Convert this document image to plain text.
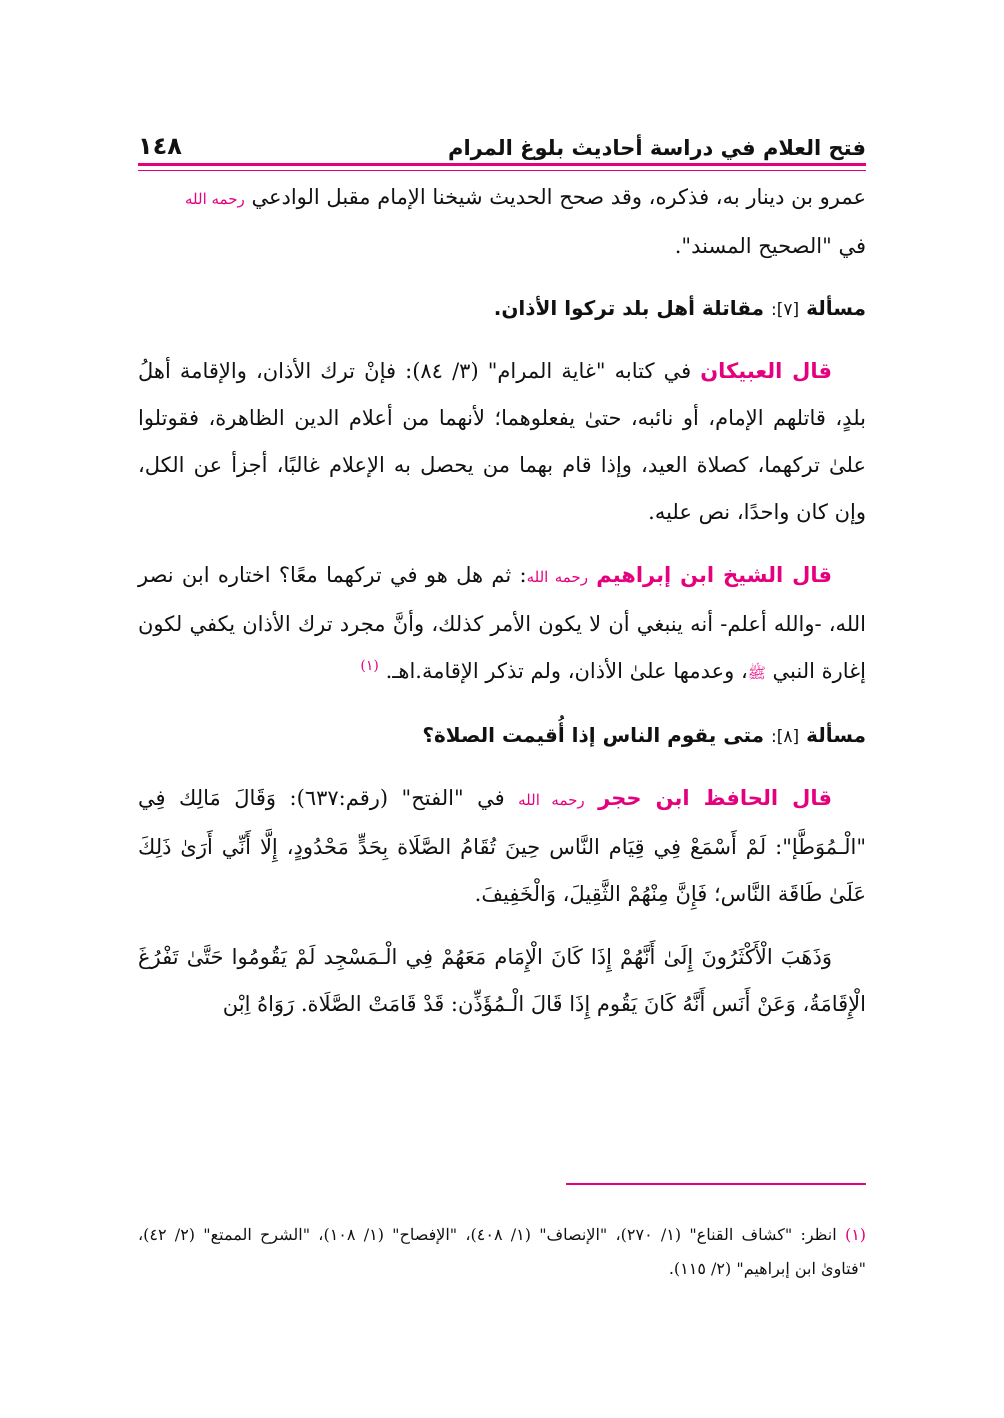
فتح العلام في دراسة أحاديث بلوغ المرام
١٤٨

عمرو بن دينار به، فذكره، وقد صحح الحديث شيخنا الإمام مقبل الوادعي رحمه الله
في "الصحيح المسند".

مسألة [٧]: مقاتلة أهل بلد تركوا الأذان.

قال العبيكان في كتابه "غاية المرام" (٣/ ٨٤): فإنْ ترك الأذان، والإقامة أهلُ بلدٍ، قاتلهم الإمام، أو نائبه، حتىٰ يفعلوهما؛ لأنهما من أعلام الدين الظاهرة، فقوتلوا علىٰ تركهما، كصلاة العيد، وإذا قام بهما من يحصل به الإعلام غالبًا، أجزأ عن الكل، وإن كان واحدًا، نص عليه.

قال الشيخ ابن إبراهيم رحمه الله: ثم هل هو في تركهما معًا؟ اختاره ابن نصر الله، -والله أعلم- أنه ينبغي أن لا يكون الأمر كذلك، وأنَّ مجرد ترك الأذان يكفي لكون إغارة النبي ﷺ، وعدمها علىٰ الأذان، ولم تذكر الإقامة.اهـ. $^{(١)}$

مسألة [٨]: متى يقوم الناس إذا أُقيمت الصلاة؟

قال الحافظ ابن حجر رحمه الله في "الفتح" (رقم:٦٣٧): وَقَالَ مَالِك فِي "الْـمُوَطَّإ": لَمْ أَسْمَعْ فِي قِيَام النَّاس حِينَ تُقَامُ الصَّلَاة بِحَدٍّ مَحْدُودٍ، إِلَّا أَنِّي أَرَىٰ ذَلِكَ عَلَىٰ طَاقَة النَّاس؛ فَإِنَّ مِنْهُمْ الثَّقِيلَ، وَالْخَفِيفَ.

وَذَهَبَ الْأَكْثَرُونَ إِلَىٰ أَنَّهُمْ إِذَا كَانَ الْإِمَام مَعَهُمْ فِي الْـمَسْجِد لَمْ يَقُومُوا حَتَّىٰ تَفْرُغَ الْإِقَامَةُ، وَعَنْ أَنَس أَنَّهُ كَانَ يَقُوم إِذَا قَالَ الْـمُؤَذِّن: قَدْ قَامَتْ الصَّلَاة. رَوَاهُ اِبْن

(١) انظر: "كشاف القناع" (١/ ٢٧٠)، "الإنصاف" (١/ ٤٠٨)، "الإفصاح" (١/ ١٠٨)، "الشرح الممتع" (٢/ ٤٢)، "فتاوىٰ ابن إبراهيم" (٢/ ١١٥).
